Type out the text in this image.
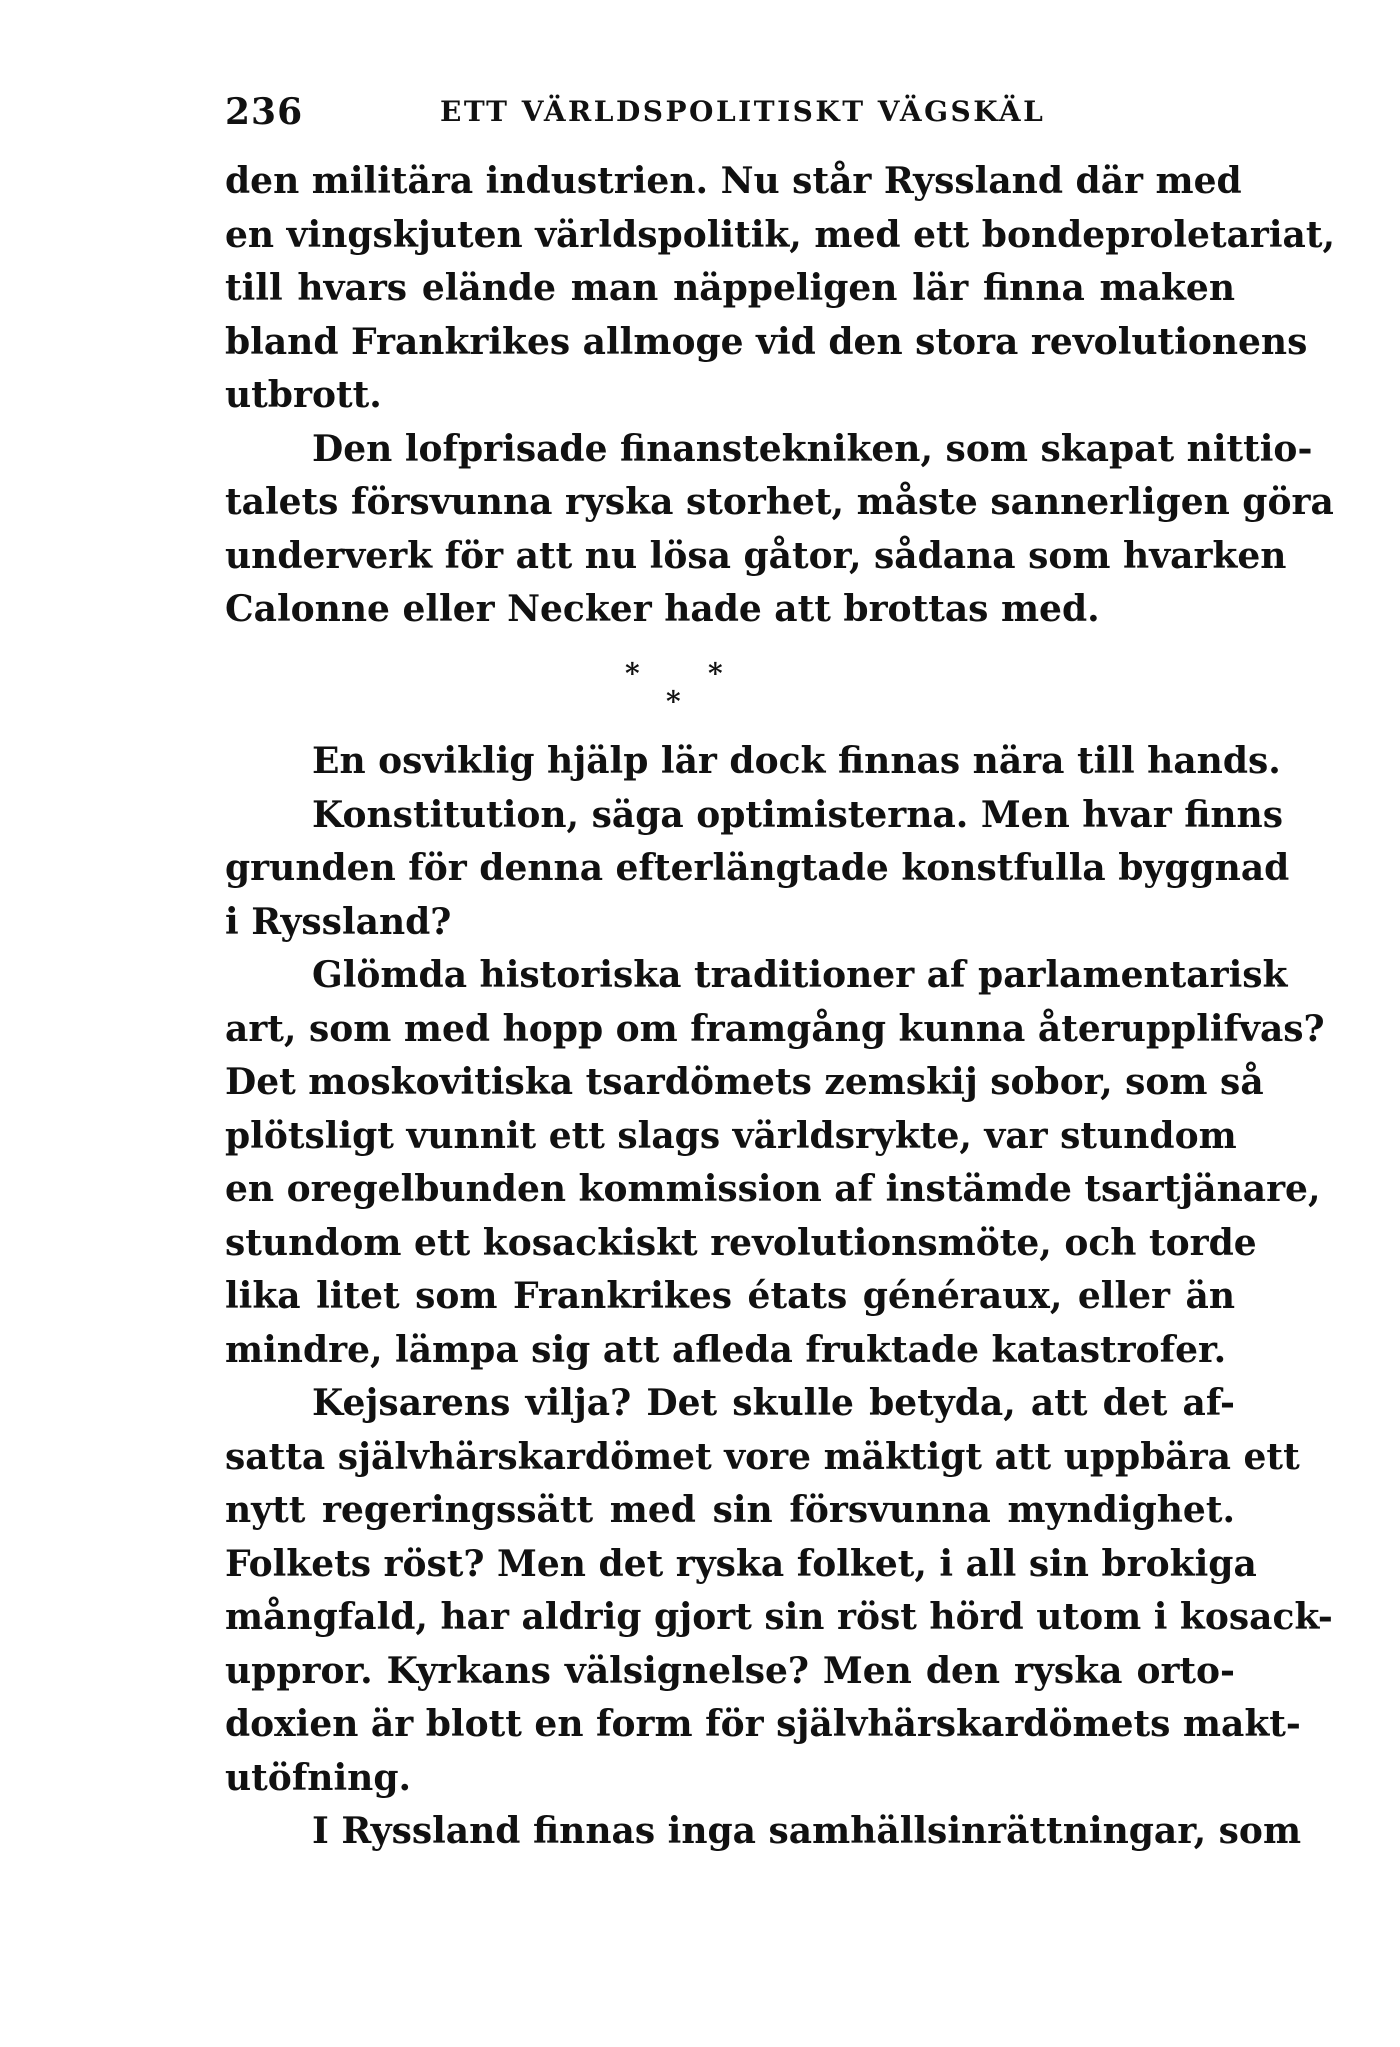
236	ETT VÄRLDSPOLITISKT VÄGSKÄL
den militära industrien. Nu står Ryssland där med
en vingskjuten världspolitik, med ett bondeproletariat,
till hvars elände man näppeligen lär finna maken
bland Frankrikes allmoge vid den stora revolutionens
utbrott.
Den lofprisade finanstekniken, som skapat nittio-
talets försvunna ryska storhet, måste sannerligen göra
underverk för att nu lösa gåtor, sådana som hvarken
Calonne eller Necker hade att brottas med.
* *
*
En osviklig hjälp lär dock finnas nära till hands.
Konstitution, säga optimisterna. Men hvar finns
grunden för denna efterlängtade konstfulla byggnad
i Ryssland?
Glömda historiska traditioner af parlamentarisk
art, som med hopp om framgång kunna återupplifvas?
Det moskovitiska tsardömets zemskij sobor, som så
plötsligt vunnit ett slags världsrykte, var stundom
en oregelbunden kommission af instämde tsartjänare,
stundom ett kosackiskt revolutionsmöte, och torde
lika litet som Frankrikes états généraux, eller än
mindre, lämpa sig att afleda fruktade katastrofer.
Kejsarens vilja? Det skulle betyda, att det af-
satta självhärskardömet vore mäktigt att uppbära ett
nytt regeringssätt med sin försvunna myndighet.
Folkets röst? Men det ryska folket, i all sin brokiga
mångfald, har aldrig gjort sin röst hörd utom i kosack-
uppror. Kyrkans välsignelse? Men den ryska orto-
doxien är blott en form för självhärskardömets makt-
utöfning.
I Ryssland finnas inga samhällsinrättningar, som
